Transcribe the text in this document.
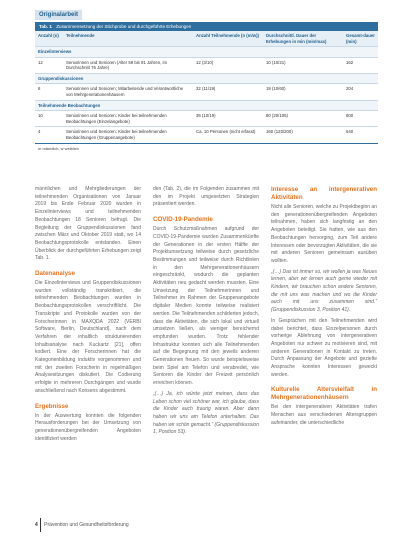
Originalarbeit
Tab. 1 Zusammensetzung der Stichprobe und durchgeführte Erhebungen
Anzahl (n)	Teilnehmende	Anzahl Teilnehmende (n (m/w))	Durchschnittl. Dauer der Erhebungen in min (min/max)	Gesamt-dauer (min)
Einzelinterviews				
12	Seniorinnen und Senioren (Alter 59 bis 91 Jahren, im Durchschnitt 76 Jahre)	12 (3/10)	10 (10/21)	162
Gruppendiskussionen				
6	Seniorinnen und Senioren; Mitarbeitende und Verantwortliche von Mehrgenerationenhäusern	32 (11/19)	19 (10/60)	204
Teilnehmende Beobachtungen				
10	Seniorinnen und Senioren; Kinder bei teilnehmenden Beobachtungen (Einzelangebote)	35 (10/19)	80 (20/105)	800
4	Seniorinnen und Senioren; Kinder bei teilnehmenden Beobachtungen (Gruppenangebote)	Ca. 10 Personen (nicht erfasst)	160 (120/200)	640
m männlich, w weiblich

männlichen und Mehrgliederungen der teilnehmenden Organisationen von Januar 2019 bis Ende Februar 2020 wurden in Einzelinterviews und teilnehmenden Beobachtungen 18 Senioren befragt. Die Begleitung der Gruppendiskussionen fand zwischen März und Oktober 2019 statt, wo 14 Beobachtungsprotokolle entstanden. Einen Überblick der durchgeführten Erhebungen zeigt Tab. 1.

Datenanalyse

Die Einzelinterviews und Gruppendiskussionen wurden vollständig transkribiert, die teilnehmenden Beobachtungen wurden in Beobachtungsprotokollen verschriftlicht. Die Transkripte und Protokolle wurden von der Forscherinnen in MAXQDA 2022 (VERBI Software, Berlin, Deutschland), nach dem Verfahren der inhaltlich strukturierenden Inhaltsanalyse nach Kuckartz [21], offen kodiert. Eine der Forscherinnen hat die Kategorienbildung induktiv vorgenommen und mit der zweiten Forscherin in regelmäßigen Analysesitzungen diskutiert. Die Codierung erfolgte in mehreren Durchgängen und wurde anschließend nach Konsens abgestimmt.

Ergebnisse

In der Auswertung konnten die folgenden Herausforderungen bei der Umsetzung von generationenübergreifenden Angeboten identifiziert werden

den (Tab. 2), die im Folgenden zusammen mit den im Projekt umgesetzten Strategien präsentiert werden.

COVID-19-Pandemie

Durch Schutzmaßnahmen aufgrund der COVID-19-Pandemie wurden Zusammenkünfte der Generationen in der ersten Hälfte der Projektumsetzung teilweise durch gesetzliche Bestimmungen und teilweise durch Richtlinien in den Mehrgenerationenhäusern eingeschränkt, wodurch die geplanten Aktivitäten neu gedacht werden mussten. Eine Umsetzung der Teilnehmerinnen und Teilnehmer im Rahmen der Gruppenangebote digitaler Medien konnte teilweise realisiert werden. Die Teilnehmenden schilderten jedoch, dass die Aktivitäten, die sich lokal und virtuell umsetzen ließen, als weniger bereichernd empfunden wurden. Trotz fehlender Infrastruktur konnten sich alle Teilnehmenden auf die Begegnung mit den jeweils anderen Generationen freuen. So wurde beispielsweise beim Spiel am Telefon und verabredet, wie Senioren die Kinder der Freizeit persönlich erreichen können.

„(…) Ja, ich würde jetzt meinen, dass das Leben schon viel schöner war, ich glaube, dass die Kinder auch traurig waren. Aber dann haben wir uns am Telefon unterhalten. Das haben wir schön gemacht.“ (Gruppendiskussion 1, Position 53).
Interesse an intergenerativen Aktivitäten

Nicht alle Senioren, welche zu Projektbeginn an den generationenübergreifenden Angeboten teilnahmen, haben sich langfristig an den Angeboten beteiligt. Sie hatten, wie aus den Beobachtungen hervorging, zum Teil andere Interessen oder bevorzugten Aktivitäten, die sie mit anderen Senioren gemeinsam ausüben wollten.

„(…) Das ist immer so, wir wollen ja was Neues lernen, aber wir lernen auch gerne wieder mit Kindern, wir brauchen schon andere Senioren, die mit uns was machen und wo die Kinder auch mit uns zusammen sind.“ (Gruppendiskussion 3, Position 41).

In Gesprächen mit den Teilnehmenden wird dabei berichtet, dass Einzelpersonen durch vorherige Ablehnung von intergenerativen Angeboten nur schwer zu motivieren sind, mit anderen Generationen in Kontakt zu treten. Durch Anpassung der Angebote und gezielte Ansprache konnten Interessen geweckt werden.

Kulturelle Altersvielfalt in Mehrgenerationenhäusern

Bei den intergenerativen Aktivitäten trafen Menschen aus verschiedenen Altersgruppen aufeinander, die unterschiedliche

4 Prävention und Gesundheitsförderung
